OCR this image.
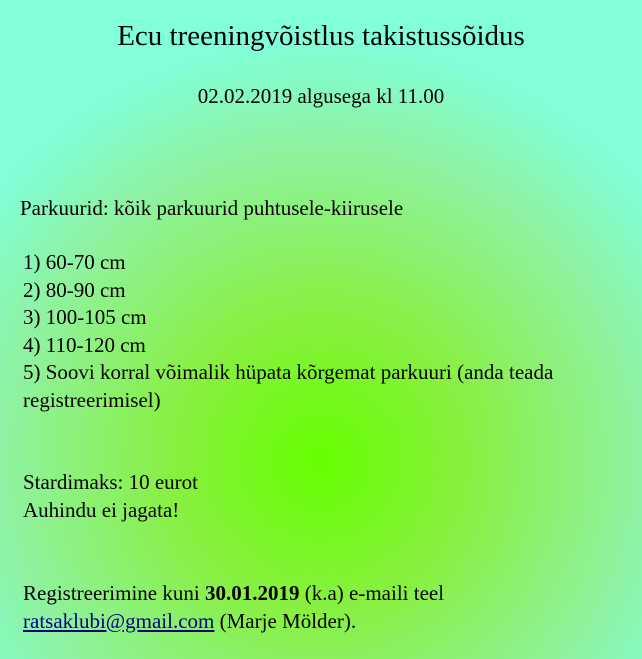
Ecu treeningvõistlus takistussõidus
02.02.2019 algusega kl 11.00
Parkuurid: kõik parkuurid puhtusele-kiirusele
1) 60-70 cm
2) 80-90 cm
3) 100-105 cm
4) 110-120 cm
5) Soovi korral võimalik hüpata kõrgemat parkuuri (anda teada registreerimisel)
Stardimaks: 10 eurot
Auhindu ei jagata!
Registreerimine kuni 30.01.2019 (k.a) e-maili teel
ratsaklubi@gmail.com (Marje Mölder).
